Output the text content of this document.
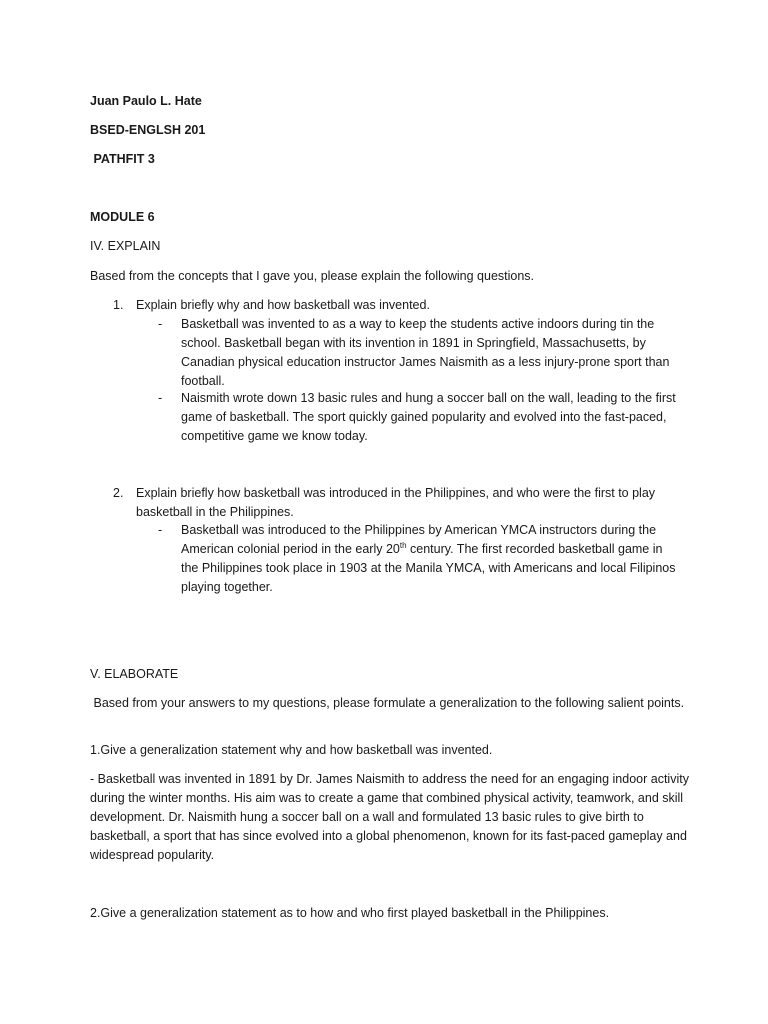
Juan Paulo L. Hate
BSED-ENGLSH 201
PATHFIT 3
MODULE 6
IV. EXPLAIN
Based from the concepts that I gave you, please explain the following questions.
1. Explain briefly why and how basketball was invented.
- Basketball was invented to as a way to keep the students active indoors during tin the school. Basketball began with its invention in 1891 in Springfield, Massachusetts, by Canadian physical education instructor James Naismith as a less injury-prone sport than football.
- Naismith wrote down 13 basic rules and hung a soccer ball on the wall, leading to the first game of basketball. The sport quickly gained popularity and evolved into the fast-paced, competitive game we know today.
2. Explain briefly how basketball was introduced in the Philippines, and who were the first to play basketball in the Philippines.
- Basketball was introduced to the Philippines by American YMCA instructors during the American colonial period in the early 20th century. The first recorded basketball game in the Philippines took place in 1903 at the Manila YMCA, with Americans and local Filipinos playing together.
V. ELABORATE
Based from your answers to my questions, please formulate a generalization to the following salient points.
1.Give a generalization statement why and how basketball was invented.
- Basketball was invented in 1891 by Dr. James Naismith to address the need for an engaging indoor activity during the winter months. His aim was to create a game that combined physical activity, teamwork, and skill development. Dr. Naismith hung a soccer ball on a wall and formulated 13 basic rules to give birth to basketball, a sport that has since evolved into a global phenomenon, known for its fast-paced gameplay and widespread popularity.
2.Give a generalization statement as to how and who first played basketball in the Philippines.
